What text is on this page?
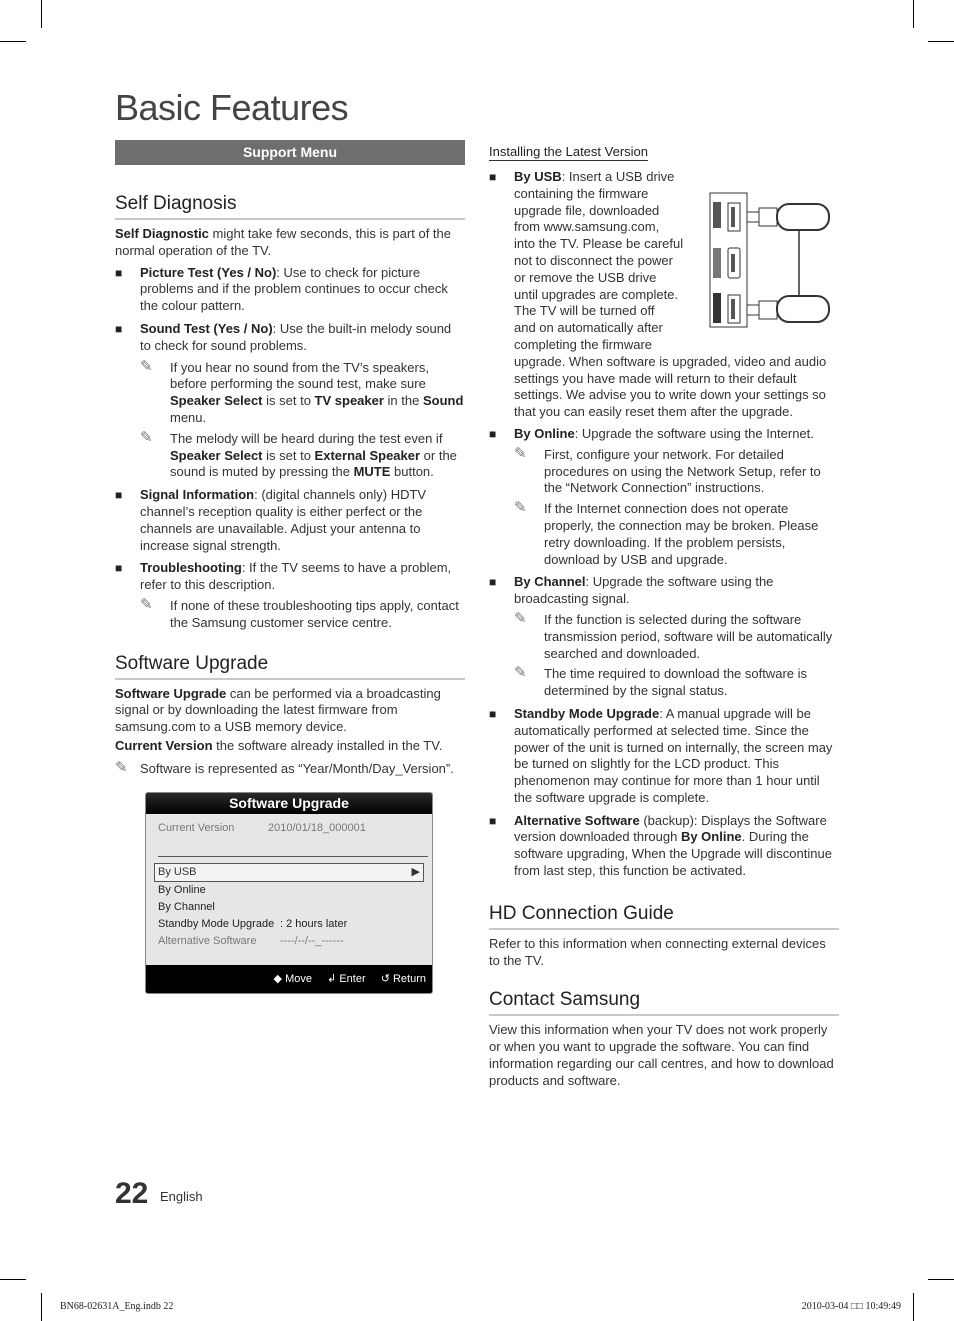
Basic Features
Support Menu
Self Diagnosis

Self Diagnostic might take few seconds, this is part of the normal operation of the TV.

■ Picture Test (Yes / No): Use to check for picture problems and if the problem continues to occur check the colour pattern.
■ Sound Test (Yes / No): Use the built-in melody sound to check for sound problems.
✎ If you hear no sound from the TV’s speakers, before performing the sound test, make sure Speaker Select is set to TV speaker in the Sound menu.
✎ The melody will be heard during the test even if Speaker Select is set to External Speaker or the sound is muted by pressing the MUTE button.
■ Signal Information: (digital channels only) HDTV channel’s reception quality is either perfect or the channels are unavailable. Adjust your antenna to increase signal strength.
■ Troubleshooting: If the TV seems to have a problem, refer to this description.
✎ If none of these troubleshooting tips apply, contact the Samsung customer service centre.
Software Upgrade

Software Upgrade can be performed via a broadcasting signal or by downloading the latest firmware from samsung.com to a USB memory device.

Current Version the software already installed in the TV.

✎ Software is represented as “Year/Month/Day_Version”.
Software Upgrade
Current Version	2010/01/18_000001
By USB	▶
By Online
By Channel
Standby Mode Upgrade : 2 hours later
Alternative Software	----/--/--_------
◆ Move ↲ Enter ↺ Return
Installing the Latest Version
■ By USB: Insert a USB drive
containing the firmware
upgrade file, downloaded
from www.samsung.com,
into the TV. Please be careful
not to disconnect the power
or remove the USB drive
until upgrades are complete.
The TV will be turned off
and on automatically after
completing the firmware
upgrade. When software is upgraded, video and audio settings you have made will return to their default settings. We advise you to write down your settings so that you can easily reset them after the upgrade.
■ By Online: Upgrade the software using the Internet.
✎ First, configure your network. For detailed procedures on using the Network Setup, refer to the “Network Connection” instructions.
✎ If the Internet connection does not operate properly, the connection may be broken. Please retry downloading. If the problem persists, download by USB and upgrade.
■ By Channel: Upgrade the software using the broadcasting signal.
✎ If the function is selected during the software transmission period, software will be automatically searched and downloaded.
✎ The time required to download the software is determined by the signal status.
■ Standby Mode Upgrade: A manual upgrade will be automatically performed at selected time. Since the power of the unit is turned on internally, the screen may be turned on slightly for the LCD product. This phenomenon may continue for more than 1 hour until the software upgrade is complete.
■ Alternative Software (backup): Displays the Software version downloaded through By Online. During the software upgrading, When the Upgrade will discontinue from last step, this function be activated.
HD Connection Guide

Refer to this information when connecting external devices to the TV.

Contact Samsung

View this information when your TV does not work properly or when you want to upgrade the software. You can find information regarding our call centres, and how to download products and software.

22 English
BN68-02631A_Eng.indb 22	2010-03-04 □□ 10:49:49
